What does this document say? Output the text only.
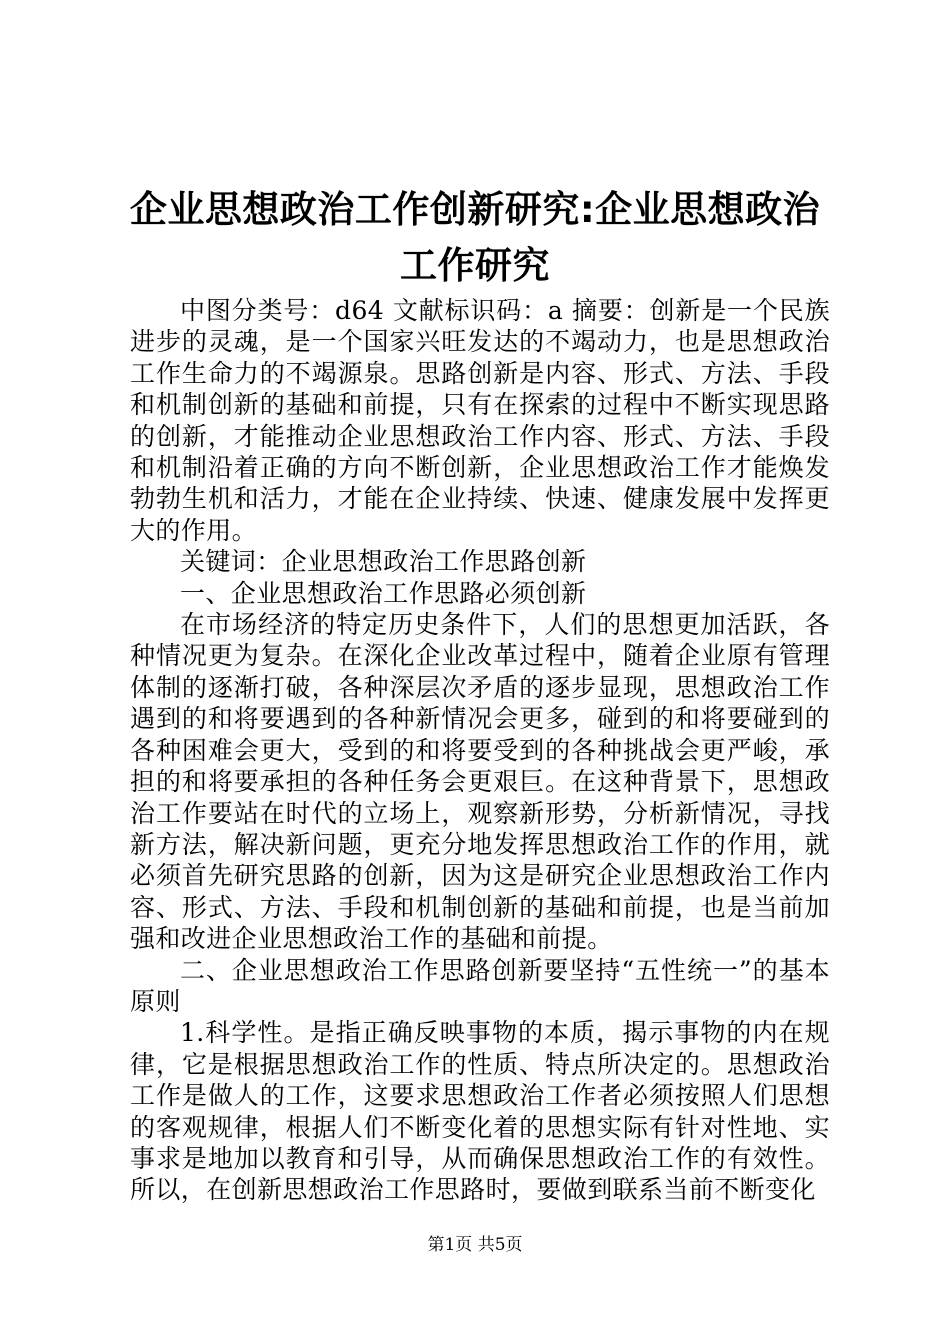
企业思想政治工作创新研究:企业思想政治工作研究

中图分类号：d64 文献标识码：a 摘要：创新是一个民族进步的灵魂，是一个国家兴旺发达的不竭动力，也是思想政治工作生命力的不竭源泉。思路创新是内容、形式、方法、手段和机制创新的基础和前提，只有在探索的过程中不断实现思路的创新，才能推动企业思想政治工作内容、形式、方法、手段和机制沿着正确的方向不断创新，企业思想政治工作才能焕发勃勃生机和活力，才能在企业持续、快速、健康发展中发挥更大的作用。

关键词：企业思想政治工作思路创新

一、企业思想政治工作思路必须创新

在市场经济的特定历史条件下，人们的思想更加活跃，各种情况更为复杂。在深化企业改革过程中，随着企业原有管理体制的逐渐打破，各种深层次矛盾的逐步显现，思想政治工作遇到的和将要遇到的各种新情况会更多，碰到的和将要碰到的各种困难会更大，受到的和将要受到的各种挑战会更严峻，承担的和将要承担的各种任务会更艰巨。在这种背景下，思想政治工作要站在时代的立场上，观察新形势，分析新情况，寻找新方法，解决新问题，更充分地发挥思想政治工作的作用，就必须首先研究思路的创新，因为这是研究企业思想政治工作内容、形式、方法、手段和机制创新的基础和前提，也是当前加强和改进企业思想政治工作的基础和前提。

二、企业思想政治工作思路创新要坚持“五性统一”的基本原则

1.科学性。是指正确反映事物的本质，揭示事物的内在规律，它是根据思想政治工作的性质、特点所决定的。思想政治工作是做人的工作，这要求思想政治工作者必须按照人们思想的客观规律，根据人们不断变化着的思想实际有针对性地、实事求是地加以教育和引导，从而确保思想政治工作的有效性。所以，在创新思想政治工作思路时，要做到联系当前不断变化

第1页 共5页
